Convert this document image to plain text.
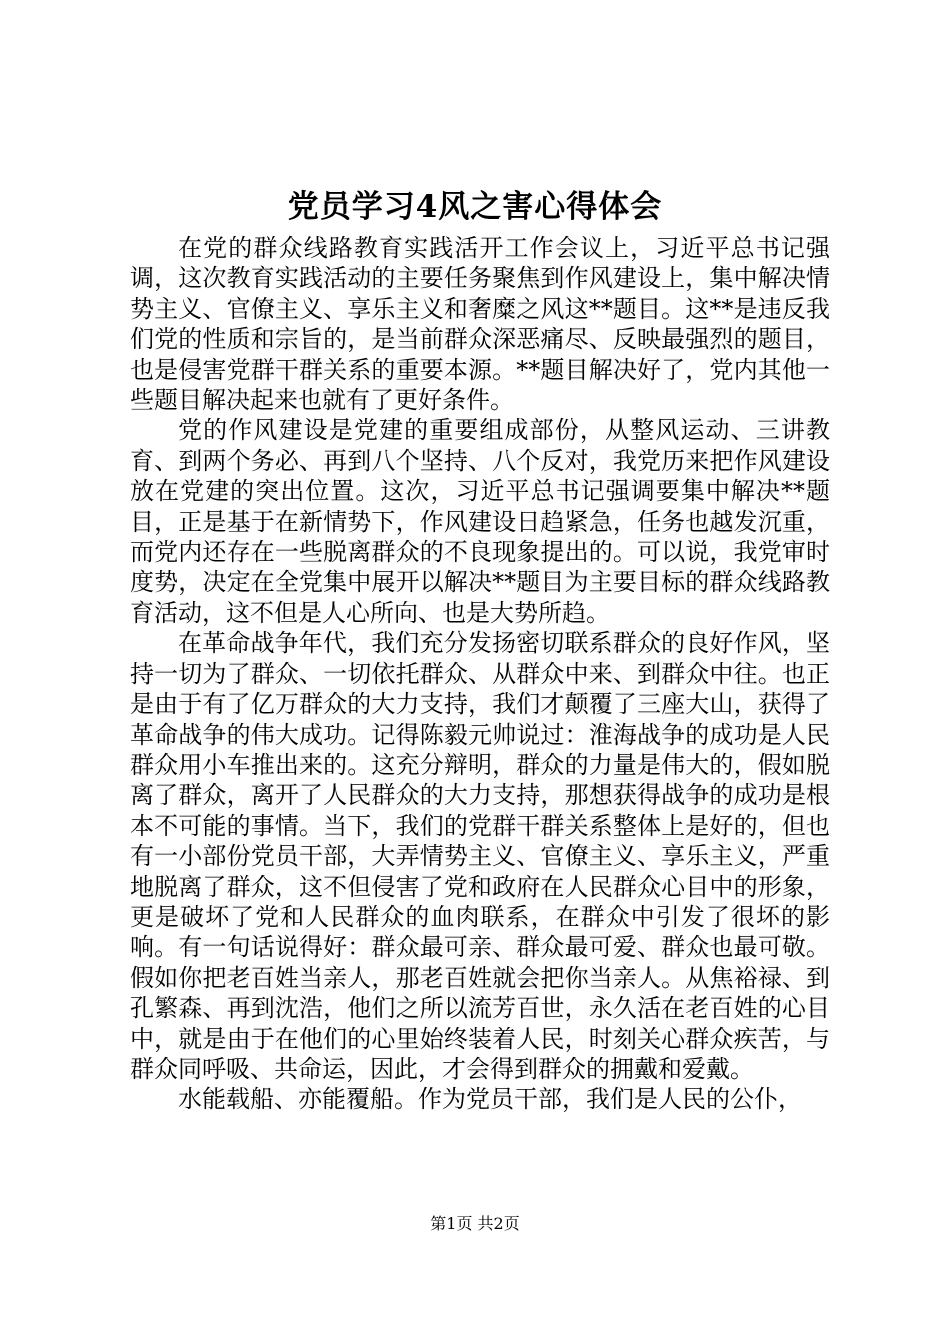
党员学习4风之害心得体会

在党的群众线路教育实践活开工作会议上，习近平总书记强调，这次教育实践活动的主要任务聚焦到作风建设上，集中解决情势主义、官僚主义、享乐主义和奢糜之风这**题目。这**是违反我们党的性质和宗旨的，是当前群众深恶痛尽、反映最强烈的题目，也是侵害党群干群关系的重要本源。**题目解决好了，党内其他一些题目解决起来也就有了更好条件。

党的作风建设是党建的重要组成部份，从整风运动、三讲教育、到两个务必、再到八个坚持、八个反对，我党历来把作风建设放在党建的突出位置。这次，习近平总书记强调要集中解决**题目，正是基于在新情势下，作风建设日趋紧急，任务也越发沉重，而党内还存在一些脱离群众的不良现象提出的。可以说，我党审时度势，决定在全党集中展开以解决**题目为主要目标的群众线路教育活动，这不但是人心所向、也是大势所趋。

在革命战争年代，我们充分发扬密切联系群众的良好作风，坚持一切为了群众、一切依托群众、从群众中来、到群众中往。也正是由于有了亿万群众的大力支持，我们才颠覆了三座大山，获得了革命战争的伟大成功。记得陈毅元帅说过：淮海战争的成功是人民群众用小车推出来的。这充分辩明，群众的力量是伟大的，假如脱离了群众，离开了人民群众的大力支持，那想获得战争的成功是根本不可能的事情。当下，我们的党群干群关系整体上是好的，但也有一小部份党员干部，大弄情势主义、官僚主义、享乐主义，严重地脱离了群众，这不但侵害了党和政府在人民群众心目中的形象，更是破坏了党和人民群众的血肉联系，在群众中引发了很坏的影响。有一句话说得好：群众最可亲、群众最可爱、群众也最可敬。假如你把老百姓当亲人，那老百姓就会把你当亲人。从焦裕禄、到孔繁森、再到沈浩，他们之所以流芳百世，永久活在老百姓的心目中，就是由于在他们的心里始终装着人民，时刻关心群众疾苦，与群众同呼吸、共命运，因此，才会得到群众的拥戴和爱戴。

水能载船、亦能覆船。作为党员干部，我们是人民的公仆，

第1页 共2页
